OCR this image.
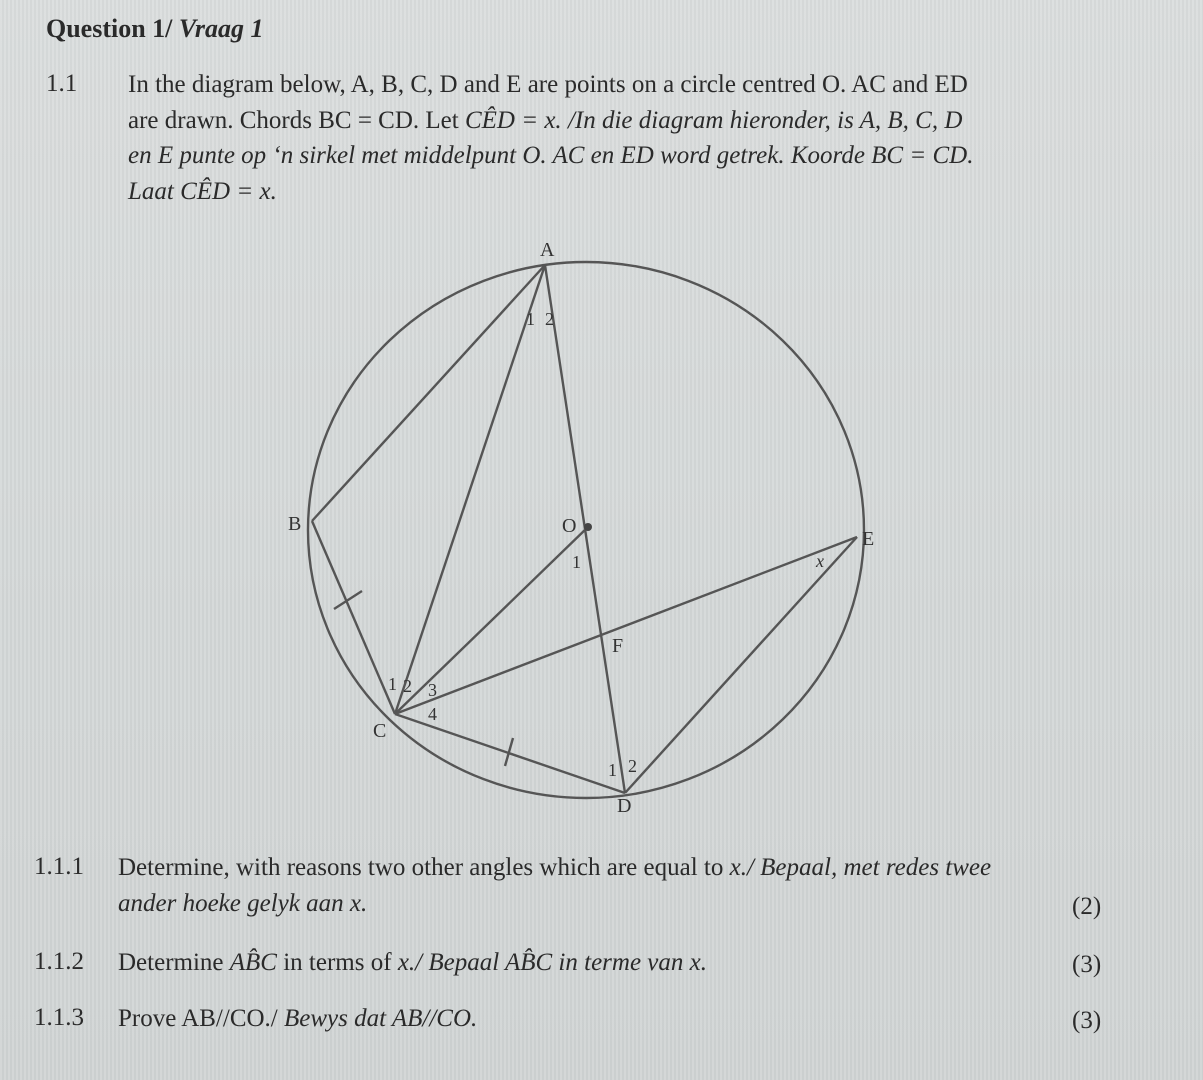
Question 1/ Vraag 1
1.1 In the diagram below, A, B, C, D and E are points on a circle centred O. AC and ED
are drawn. Chords BC = CD. Let CÊD = x. /In die diagram hieronder, is A, B, C, D
en E punte op ‘n sirkel met middelpunt O. AC en ED word getrek. Koorde BC = CD.
Laat CÊD = x.
A
B
C
D
E
O
F
1 2
1
1 2 3
4
1 2
x
1.1.1 Determine, with reasons two other angles which are equal to x./ Bepaal, met redes twee
ander hoeke gelyk aan x.	(2)
1.1.2 Determine AB̂C in terms of x./ Bepaal AB̂C in terme van x.	(3)
1.1.3 Prove AB//CO./ Bewys dat AB//CO.	(3)
